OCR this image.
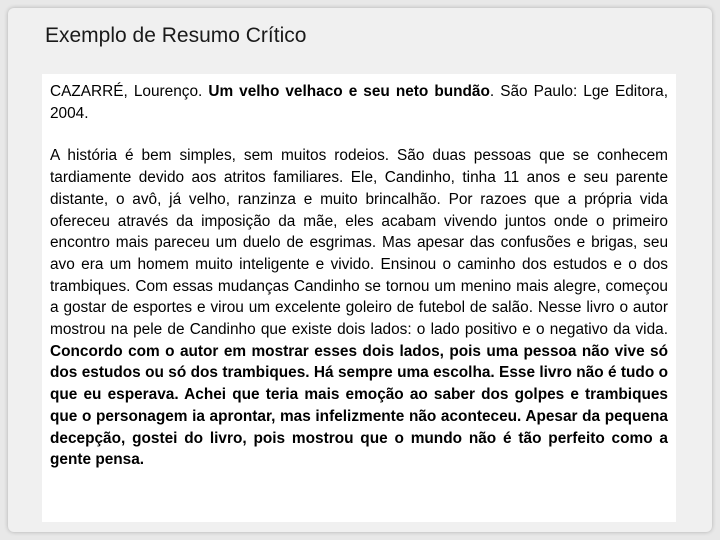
Exemplo de Resumo Crítico

CAZARRÉ, Lourenço. Um velho velhaco e seu neto bundão. São Paulo: Lge Editora, 2004.

A história é bem simples, sem muitos rodeios. São duas pessoas que se conhecem tardiamente devido aos atritos familiares. Ele, Candinho, tinha 11 anos e seu parente distante, o avô, já velho, ranzinza e muito brincalhão. Por razoes que a própria vida ofereceu através da imposição da mãe, eles acabam vivendo juntos onde o primeiro encontro mais pareceu um duelo de esgrimas. Mas apesar das confusões e brigas, seu avo era um homem muito inteligente e vivido. Ensinou o caminho dos estudos e o dos trambiques. Com essas mudanças Candinho se tornou um menino mais alegre, começou a gostar de esportes e virou um excelente goleiro de futebol de salão. Nesse livro o autor mostrou na pele de Candinho que existe dois lados: o lado positivo e o negativo da vida. Concordo com o autor em mostrar esses dois lados, pois uma pessoa não vive só dos estudos ou só dos trambiques. Há sempre uma escolha. Esse livro não é tudo o que eu esperava. Achei que teria mais emoção ao saber dos golpes e trambiques que o personagem ia aprontar, mas infelizmente não aconteceu. Apesar da pequena decepção, gostei do livro, pois mostrou que o mundo não é tão perfeito como a gente pensa.
